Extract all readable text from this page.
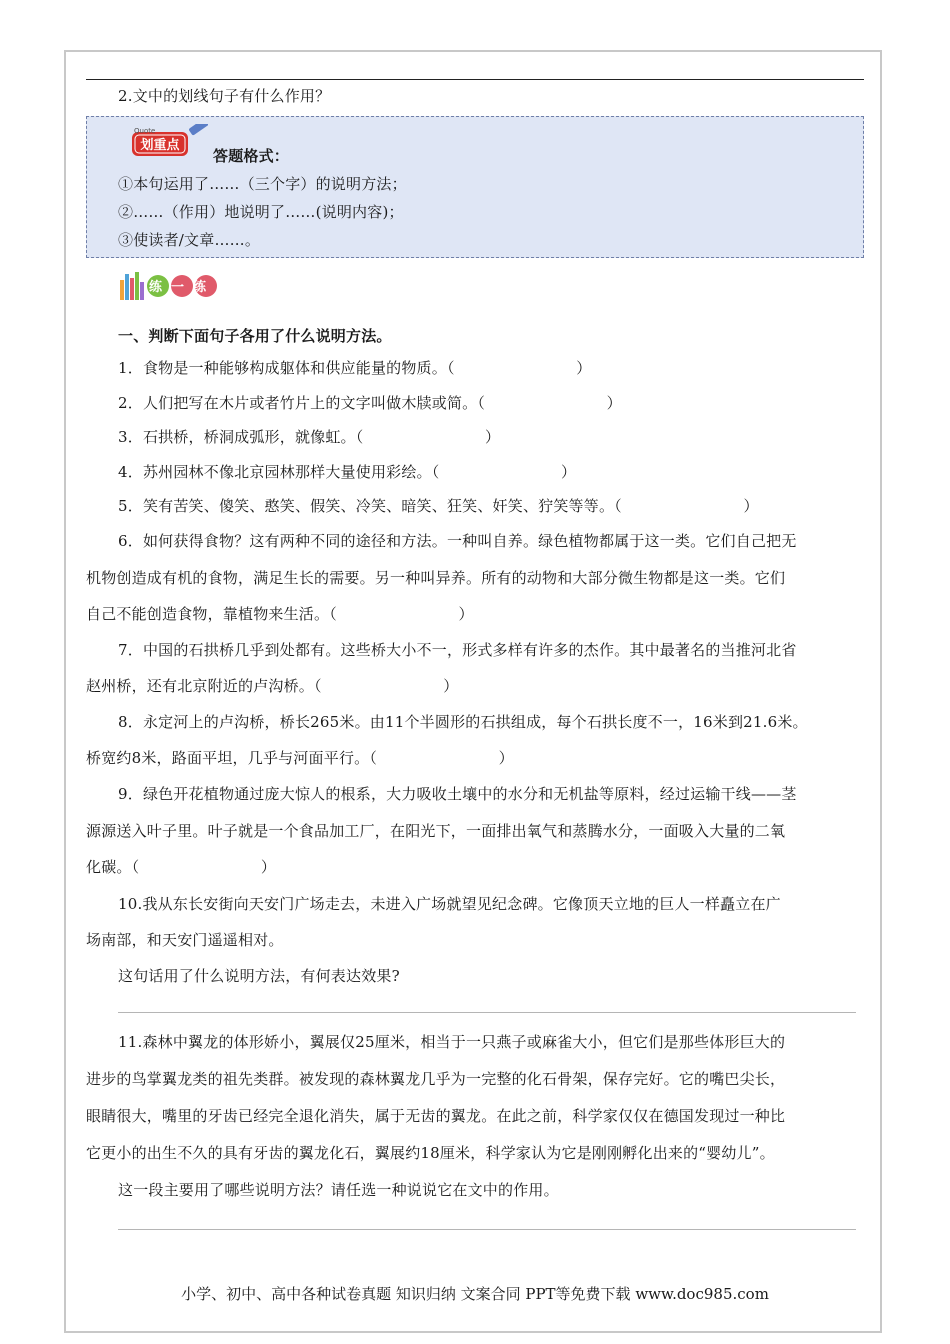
2.文中的划线句子有什么作用？
Quote
划重点
答题格式：
①本句运用了……（三个字）的说明方法；
②……（作用）地说明了……(说明内容)；
③使读者/文章……。
练一练
一、判断下面句子各用了什么说明方法。
1．食物是一种能够构成躯体和供应能量的物质。（　　　　　　　　）
2．人们把写在木片或者竹片上的文字叫做木牍或简。（　　　　　　　　）
3．石拱桥，桥洞成弧形，就像虹。（　　　　　　　　）
4．苏州园林不像北京园林那样大量使用彩绘。（　　　　　　　　）
5．笑有苦笑、傻笑、憨笑、假笑、冷笑、暗笑、狂笑、奸笑、狞笑等等。（　　　　　　　　）
6．如何获得食物？这有两种不同的途径和方法。一种叫自养。绿色植物都属于这一类。它们自己把无
机物创造成有机的食物，满足生长的需要。另一种叫异养。所有的动物和大部分微生物都是这一类。它们
自己不能创造食物，靠植物来生活。（　　　　　　　　）
7．中国的石拱桥几乎到处都有。这些桥大小不一，形式多样有许多的杰作。其中最著名的当推河北省
赵州桥，还有北京附近的卢沟桥。（　　　　　　　　）
8．永定河上的卢沟桥，桥长265米。由11个半圆形的石拱组成，每个石拱长度不一，16米到21.6米。
桥宽约8米，路面平坦，几乎与河面平行。（　　　　　　　　）
9．绿色开花植物通过庞大惊人的根系，大力吸收土壤中的水分和无机盐等原料，经过运输干线——茎
源源送入叶子里。叶子就是一个食品加工厂，在阳光下，一面排出氧气和蒸腾水分，一面吸入大量的二氧
化碳。（　　　　　　　　）
10.我从东长安街向天安门广场走去，未进入广场就望见纪念碑。它像顶天立地的巨人一样矗立在广
场南部，和天安门遥遥相对。
这句话用了什么说明方法，有何表达效果?
11.森林中翼龙的体形娇小，翼展仅25厘米，相当于一只燕子或麻雀大小，但它们是那些体形巨大的
进步的鸟掌翼龙类的祖先类群。被发现的森林翼龙几乎为一完整的化石骨架，保存完好。它的嘴巴尖长，
眼睛很大，嘴里的牙齿已经完全退化消失，属于无齿的翼龙。在此之前，科学家仅仅在德国发现过一种比
它更小的出生不久的具有牙齿的翼龙化石，翼展约18厘米，科学家认为它是刚刚孵化出来的“婴幼儿”。
这一段主要用了哪些说明方法？请任选一种说说它在文中的作用。
小学、初中、高中各种试卷真题 知识归纳 文案合同 PPT等免费下载 www.doc985.com
